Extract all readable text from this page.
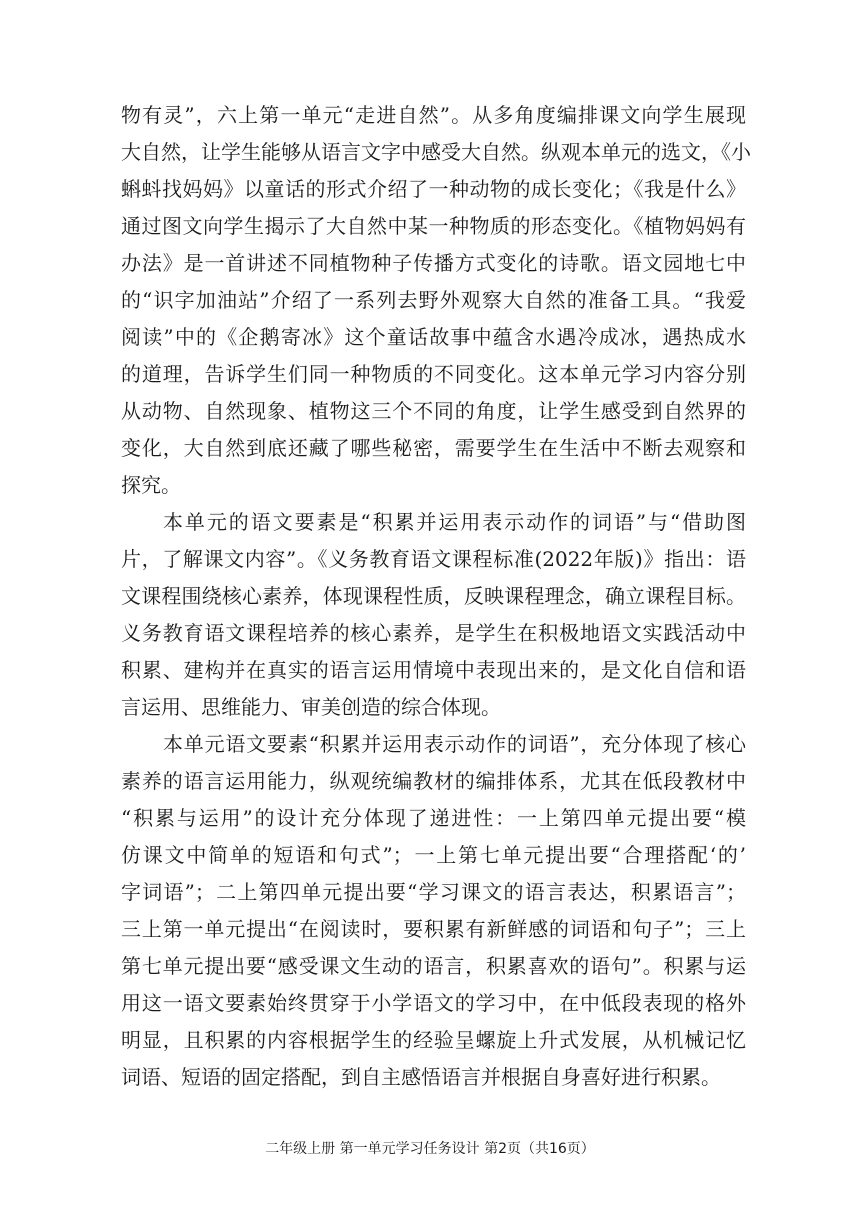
物有灵”，六上第一单元“走进自然”。从多角度编排课文向学生展现
大自然，让学生能够从语言文字中感受大自然。纵观本单元的选文，《小
蝌蚪找妈妈》以童话的形式介绍了一种动物的成长变化；《我是什么》
通过图文向学生揭示了大自然中某一种物质的形态变化。《植物妈妈有
办法》是一首讲述不同植物种子传播方式变化的诗歌。语文园地七中
的“识字加油站”介绍了一系列去野外观察大自然的准备工具。“我爱
阅读”中的《企鹅寄冰》这个童话故事中蕴含水遇冷成冰，遇热成水
的道理，告诉学生们同一种物质的不同变化。这本单元学习内容分别
从动物、自然现象、植物这三个不同的角度，让学生感受到自然界的
变化，大自然到底还藏了哪些秘密，需要学生在生活中不断去观察和
探究。
本单元的语文要素是“积累并运用表示动作的词语”与“借助图
片，了解课文内容”。《义务教育语文课程标准(2022年版)》指出：语
文课程围绕核心素养，体现课程性质，反映课程理念，确立课程目标。
义务教育语文课程培养的核心素养，是学生在积极地语文实践活动中
积累、建构并在真实的语言运用情境中表现出来的，是文化自信和语
言运用、思维能力、审美创造的综合体现。
本单元语文要素“积累并运用表示动作的词语”，充分体现了核心
素养的语言运用能力，纵观统编教材的编排体系，尤其在低段教材中
“积累与运用”的设计充分体现了递进性：一上第四单元提出要“模
仿课文中简单的短语和句式”；一上第七单元提出要“合理搭配‘的’
字词语”；二上第四单元提出要“学习课文的语言表达，积累语言”；
三上第一单元提出“在阅读时，要积累有新鲜感的词语和句子”；三上
第七单元提出要“感受课文生动的语言，积累喜欢的语句”。积累与运
用这一语文要素始终贯穿于小学语文的学习中，在中低段表现的格外
明显，且积累的内容根据学生的经验呈螺旋上升式发展，从机械记忆
词语、短语的固定搭配，到自主感悟语言并根据自身喜好进行积累。
二年级上册 第一单元学习任务设计 第2页（共16页）
